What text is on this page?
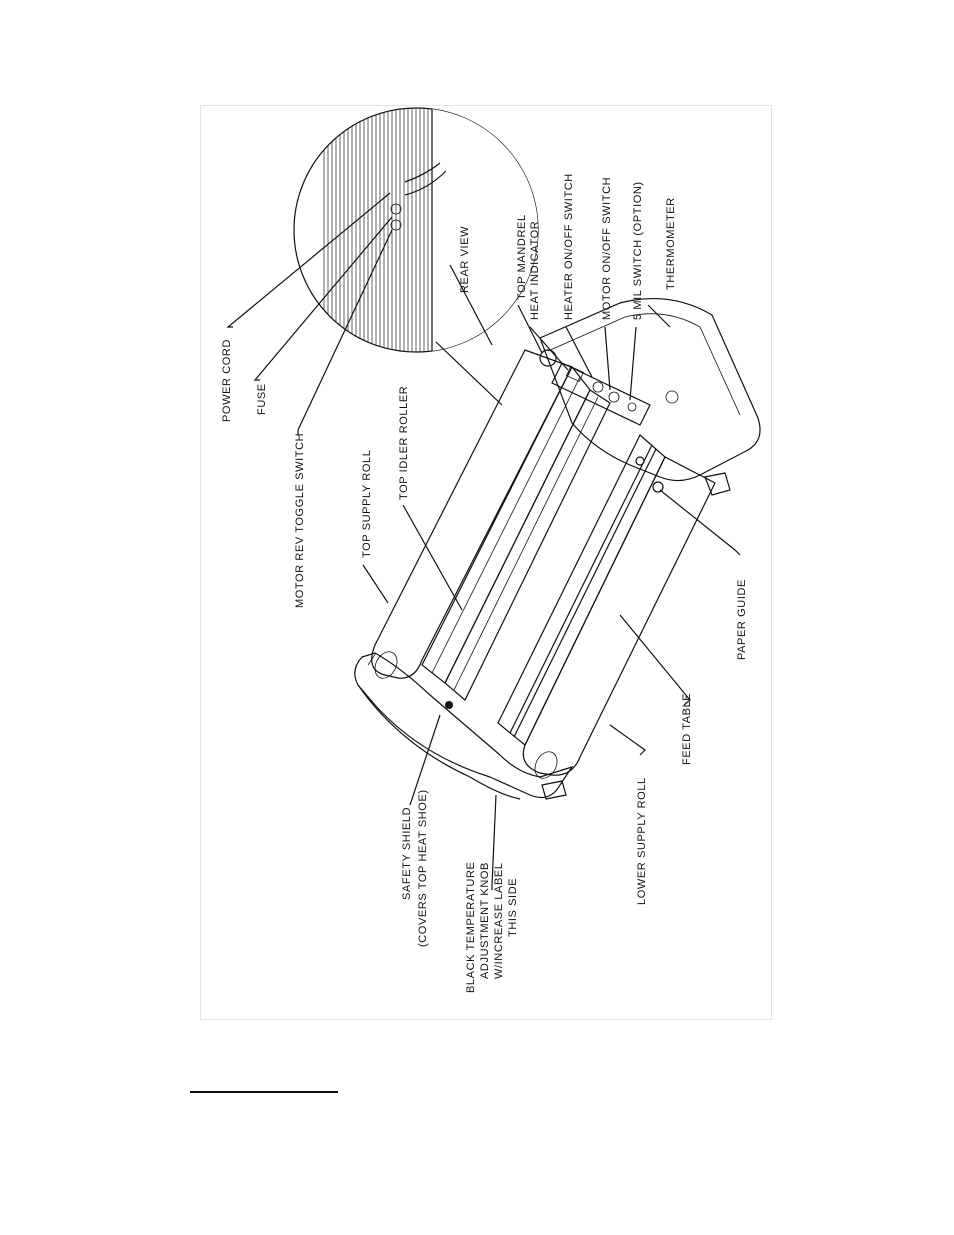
POWER CORD FUSE
MOTOR REV TOGGLE SWITCH	TOP SUPPLY ROLL
TOP IDLER ROLLER
REAR VIEW	TOP MANDREL HEAT INDICATOR HEATER ON/OFF SWITCH MOTOR ON/OFF SWITCH 5 MIL SWITCH (OPTION) THERMOMETER
PAPER GUIDE
FEED TABLE
LOWER SUPPLY ROLL
SAFETY SHIELD (COVERS TOP HEAT SHOE)	BLACK TEMPERATURE ADJUSTMENT KNOB W/INCREASE LABEL THIS SIDE
